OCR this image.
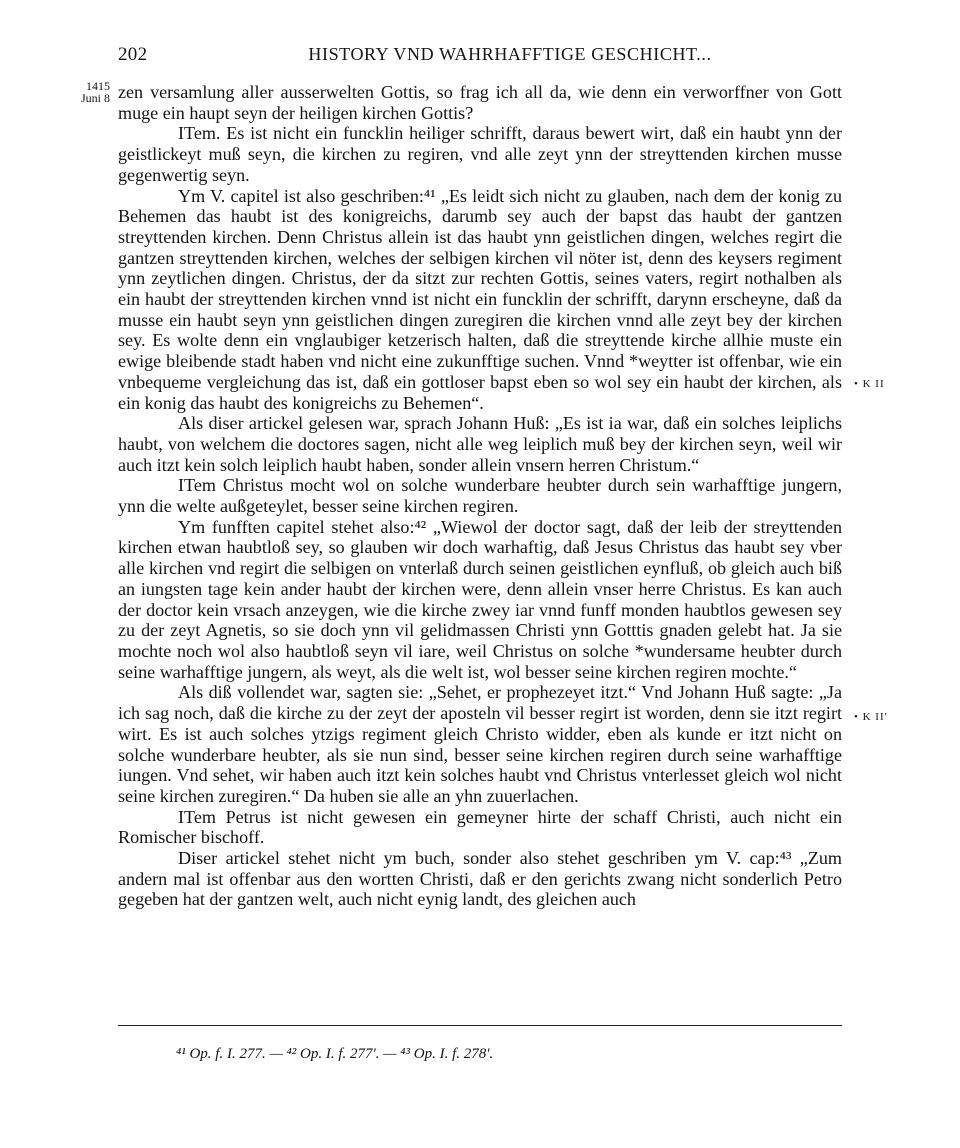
202	HISTORY VND WAHRHAFFTIGE GESCHICHT...
1415
Juni 8
• K II
• K II'

zen versamlung aller ausserwelten Gottis, so frag ich all da, wie denn ein verworffner von Gott muge ein haupt seyn der heiligen kirchen Gottis?

ITem. Es ist nicht ein funcklin heiliger schrifft, daraus bewert wirt, daß ein haubt ynn der geistlickeyt muß seyn, die kirchen zu regiren, vnd alle zeyt ynn der streyttenden kirchen musse gegenwertig seyn.

Ym V. capitel ist also geschriben:⁴¹ „Es leidt sich nicht zu glauben, nach dem der konig zu Behemen das haubt ist des konigreichs, darumb sey auch der bapst das haubt der gantzen streyttenden kirchen. Denn Christus allein ist das haubt ynn geistlichen dingen, welches regirt die gantzen streyttenden kirchen, welches der selbigen kirchen vil nöter ist, denn des keysers regiment ynn zeytlichen dingen. Christus, der da sitzt zur rechten Gottis, seines vaters, regirt nothalben als ein haubt der streyttenden kirchen vnnd ist nicht ein funcklin der schrifft, darynn erscheyne, daß da musse ein haubt seyn ynn geistlichen dingen zuregiren die kirchen vnnd alle zeyt bey der kirchen sey. Es wolte denn ein vnglaubiger ketzerisch halten, daß die streyttende kirche allhie muste ein ewige bleibende stadt haben vnd nicht eine zukunfftige suchen. Vnnd *weytter ist offenbar, wie ein vnbequeme vergleichung das ist, daß ein gottloser bapst eben so wol sey ein haubt der kirchen, als ein konig das haubt des konigreichs zu Behemen“.

Als diser artickel gelesen war, sprach Johann Huß: „Es ist ia war, daß ein solches leiplichs haubt, von welchem die doctores sagen, nicht alle weg leiplich muß bey der kirchen seyn, weil wir auch itzt kein solch leiplich haubt haben, sonder allein vnsern herren Christum.“

ITem Christus mocht wol on solche wunderbare heubter durch sein warhafftige jungern, ynn die welte außgeteylet, besser seine kirchen regiren.

Ym funfften capitel stehet also:⁴² „Wiewol der doctor sagt, daß der leib der streyttenden kirchen etwan haubtloß sey, so glauben wir doch warhaftig, daß Jesus Christus das haubt sey vber alle kirchen vnd regirt die selbigen on vnterlaß durch seinen geistlichen eynfluß, ob gleich auch biß an iungsten tage kein ander haubt der kirchen were, denn allein vnser herre Christus. Es kan auch der doctor kein vrsach anzeygen, wie die kirche zwey iar vnnd funff monden haubtlos gewesen sey zu der zeyt Agnetis, so sie doch ynn vil gelidmassen Christi ynn Gotttis gnaden gelebt hat. Ja sie mochte noch wol also haubtloß seyn vil iare, weil Christus on solche *wundersame heubter durch seine warhafftige jungern, als weyt, als die welt ist, wol besser seine kirchen regiren mochte.“

Als diß vollendet war, sagten sie: „Sehet, er prophezeyet itzt.“ Vnd Johann Huß sagte: „Ja ich sag noch, daß die kirche zu der zeyt der aposteln vil besser regirt ist worden, denn sie itzt regirt wirt. Es ist auch solches ytzigs regiment gleich Christo widder, eben als kunde er itzt nicht on solche wunderbare heubter, als sie nun sind, besser seine kirchen regiren durch seine warhafftige iungen. Vnd sehet, wir haben auch itzt kein solches haubt vnd Christus vnterlesset gleich wol nicht seine kirchen zuregiren.“ Da huben sie alle an yhn zuuerlachen.

ITem Petrus ist nicht gewesen ein gemeyner hirte der schaff Christi, auch nicht ein Romischer bischoff.

Diser artickel stehet nicht ym buch, sonder also stehet geschriben ym V. cap:⁴³ „Zum andern mal ist offenbar aus den wortten Christi, daß er den gerichts zwang nicht sonderlich Petro gegeben hat der gantzen welt, auch nicht eynig landt, des gleichen auch

⁴¹ Op. f. I. 277. — ⁴² Op. I. f. 277'. — ⁴³ Op. I. f. 278'.
